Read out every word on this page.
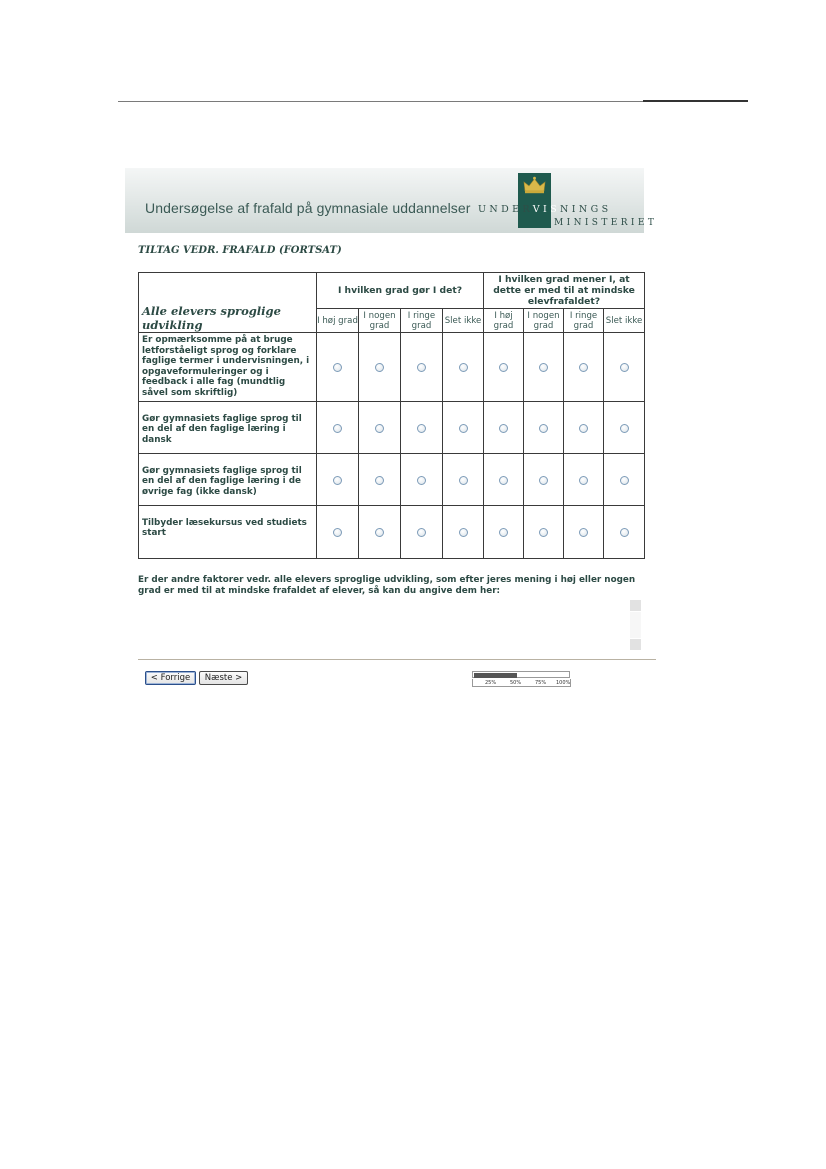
Undersøgelse af frafald på gymnasiale uddannelser UNDERVISNINGS
MINISTERIET
TILTAG VEDR. FRAFALD (FORTSAT)
Alle elevers sproglige udvikling	I hvilken grad gør I det?				I hvilken grad mener I, at dette er med til at mindske elevfrafaldet?			
	I høj grad	I nogen grad	I ringe grad	Slet ikke	I høj grad	I nogen grad	I ringe grad	Slet ikke
Er opmærksomme på at bruge letforståeligt sprog og forklare faglige termer i undervisningen, i opgaveformuleringer og i feedback i alle fag (mundtlig såvel som skriftlig)								
Gør gymnasiets faglige sprog til en del af den faglige læring i dansk								
Gør gymnasiets faglige sprog til en del af den faglige læring i de øvrige fag (ikke dansk)								
Tilbyder læsekursus ved studiets start								
Er der andre faktorer vedr. alle elevers sproglige udvikling, som efter jeres mening i høj eller nogen grad er med til at mindske frafaldet af elever, så kan du angive dem her:
< Forrige	Næste >	25%	50%	75% 100%
